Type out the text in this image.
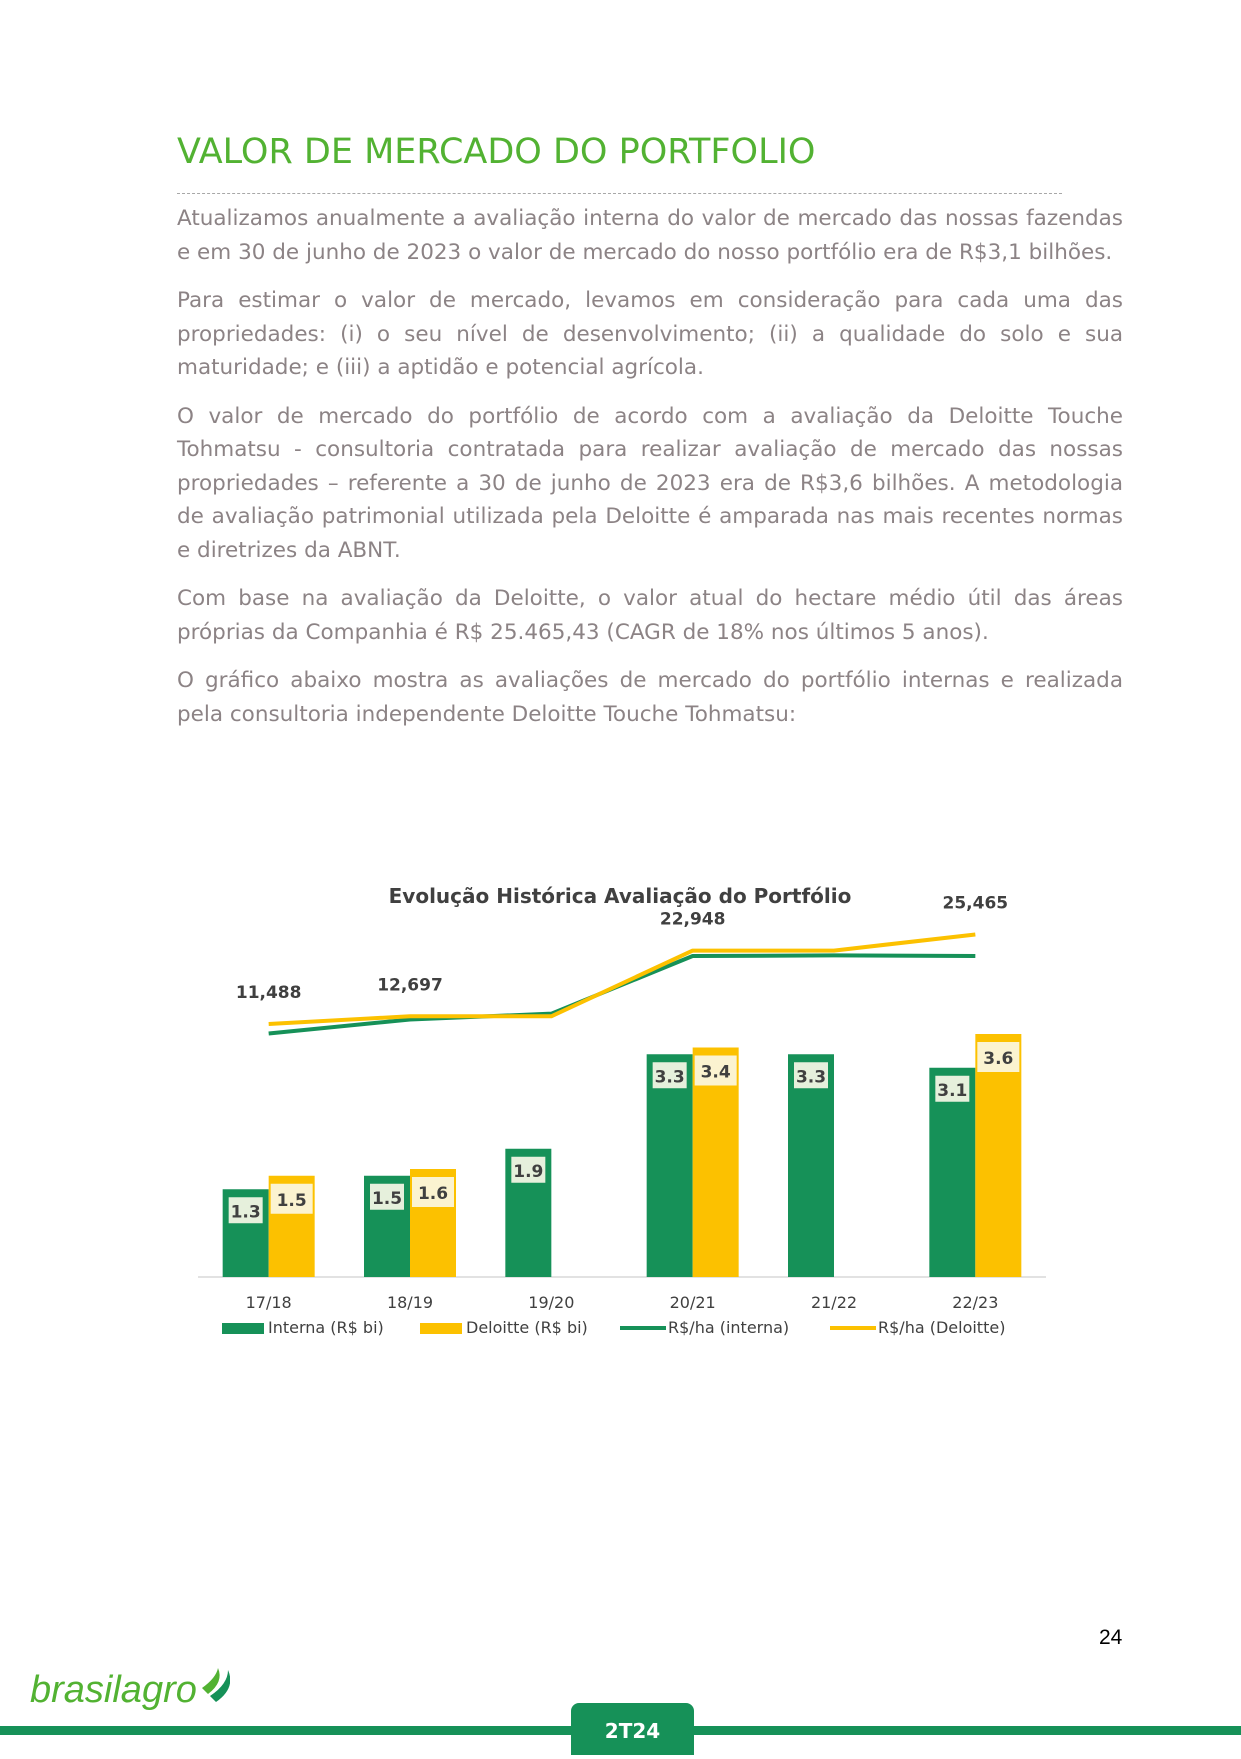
VALOR DE MERCADO DO PORTFOLIO

Atualizamos anualmente a avaliação interna do valor de mercado das nossas fazendas e em 30 de junho de 2023 o valor de mercado do nosso portfólio era de R$3,1 bilhões.

Para estimar o valor de mercado, levamos em consideração para cada uma das propriedades: (i) o seu nível de desenvolvimento; (ii) a qualidade do solo e sua maturidade; e (iii) a aptidão e potencial agrícola.

O valor de mercado do portfólio de acordo com a avaliação da Deloitte Touche Tohmatsu - consultoria contratada para realizar avaliação de mercado das nossas propriedades – referente a 30 de junho de 2023 era de R$3,6 bilhões. A metodologia de avaliação patrimonial utilizada pela Deloitte é amparada nas mais recentes normas e diretrizes da ABNT.

Com base na avaliação da Deloitte, o valor atual do hectare médio útil das áreas próprias da Companhia é R$ 25.465,43 (CAGR de 18% nos últimos 5 anos).

O gráfico abaixo mostra as avaliações de mercado do portfólio internas e realizada pela consultoria independente Deloitte Touche Tohmatsu:

Evolução Histórica Avaliação do Portfólio
1.3
1.5
17/18
1.5 1.6
18/19
1.9
19/20
3.3 3.4
20/21
3.3
21/22
3.1
3.6
22/23
11,488	12,697
22,948
25,465
Interna (R$ bi)	Deloitte (R$ bi)	R$/ha (interna)	R$/ha (Deloitte)
24
brasilagro
2T24
